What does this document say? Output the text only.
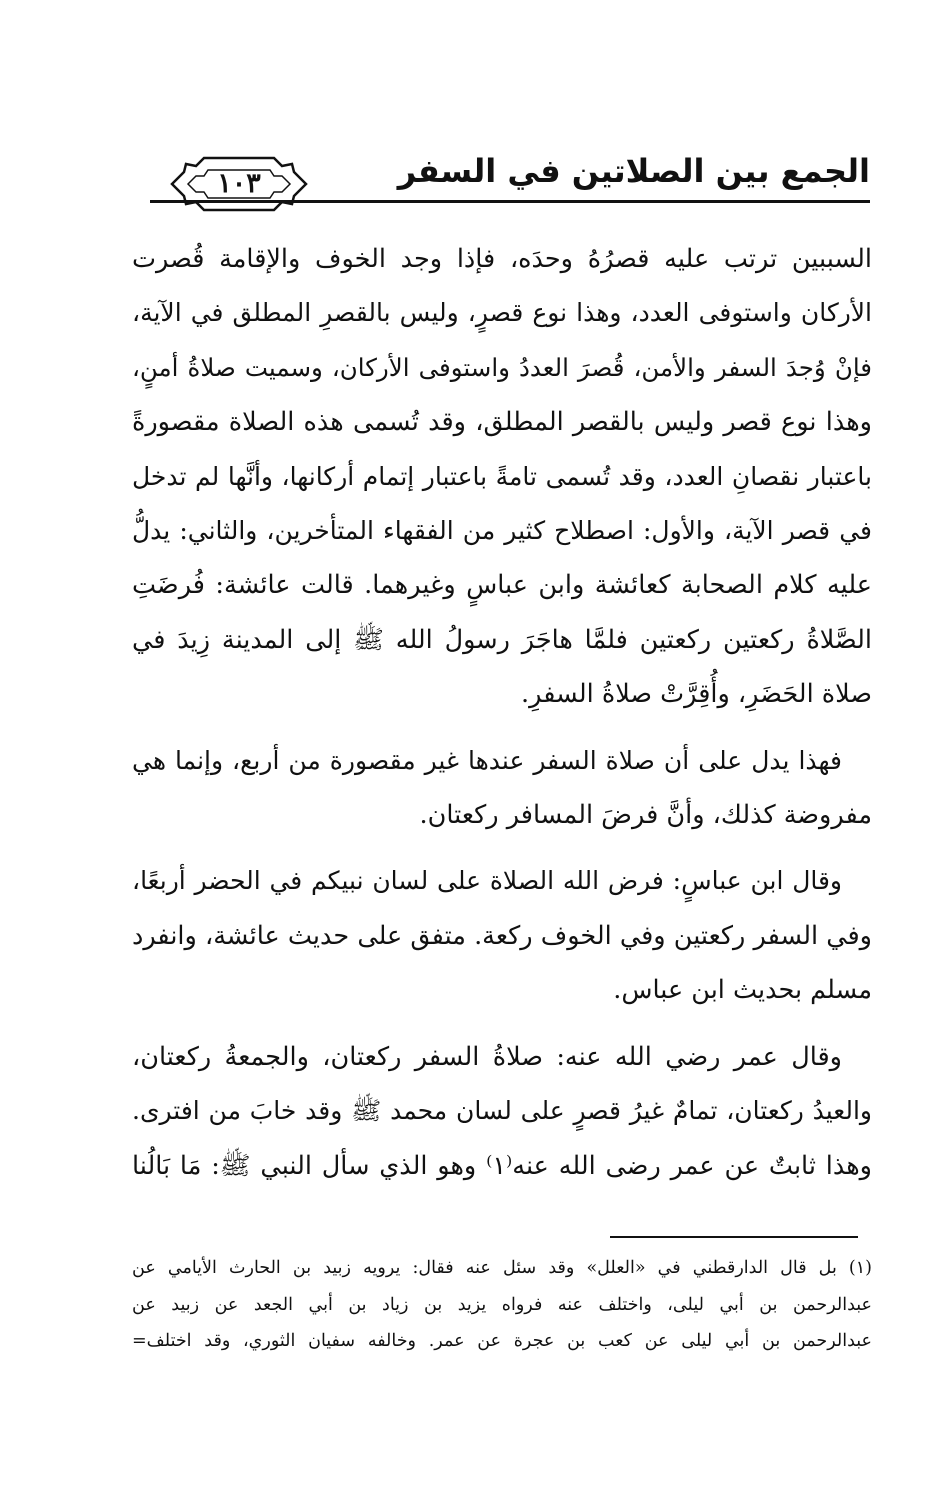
١٠٣	الجمع بين الصلاتين في السفر
السببين ترتب عليه قصرُهُ وحدَه، فإذا وجد الخوف والإقامة قُصرت
الأركان واستوفى العدد، وهذا نوع قصرٍ، وليس بالقصرِ المطلق في الآية،
فإنْ وُجدَ السفر والأمن، قُصرَ العددُ واستوفى الأركان، وسميت صلاةُ أمنٍ،
وهذا نوع قصر وليس بالقصر المطلق، وقد تُسمى هذه الصلاة مقصورةً
باعتبار نقصانِ العدد، وقد تُسمى تامةً باعتبار إتمام أركانها، وأنَّها لم تدخل
في قصر الآية، والأول: اصطلاح كثير من الفقهاء المتأخرين، والثاني: يدلُّ
عليه كلام الصحابة كعائشة وابن عباسٍ وغيرهما. قالت عائشة: فُرضَتِ
الصَّلاةُ ركعتين ركعتين فلمَّا هاجَرَ رسولُ الله ﷺ إلى المدينة زِيدَ في
صلاة الحَضَرِ، وأُقِرَّتْ صلاةُ السفرِ.
فهذا يدل على أن صلاة السفر عندها غير مقصورة من أربع، وإنما هي
مفروضة كذلك، وأنَّ فرضَ المسافر ركعتان.
وقال ابن عباسٍ: فرض الله الصلاة على لسان نبيكم في الحضر أربعًا،
وفي السفر ركعتين وفي الخوف ركعة. متفق على حديث عائشة، وانفرد
مسلم بحديث ابن عباس.
وقال عمر رضي الله عنه: صلاةُ السفر ركعتان، والجمعةُ ركعتان،
والعيدُ ركعتان، تمامٌ غيرُ قصرٍ على لسان محمد ﷺ وقد خابَ من افترى.
وهذا ثابتٌ عن عمر رضى الله عنه⁽١⁾ وهو الذي سأل النبي ﷺ: مَا بَالُنا
(١) بل قال الدارقطني في «العلل» وقد سئل عنه فقال: يرويه زبيد بن الحارث الأيامي عن
عبدالرحمن بن أبي ليلى، واختلف عنه فرواه يزيد بن زياد بن أبي الجعد عن زبيد عن
عبدالرحمن بن أبي ليلى عن كعب بن عجرة عن عمر. وخالفه سفيان الثوري، وقد اختلف=
